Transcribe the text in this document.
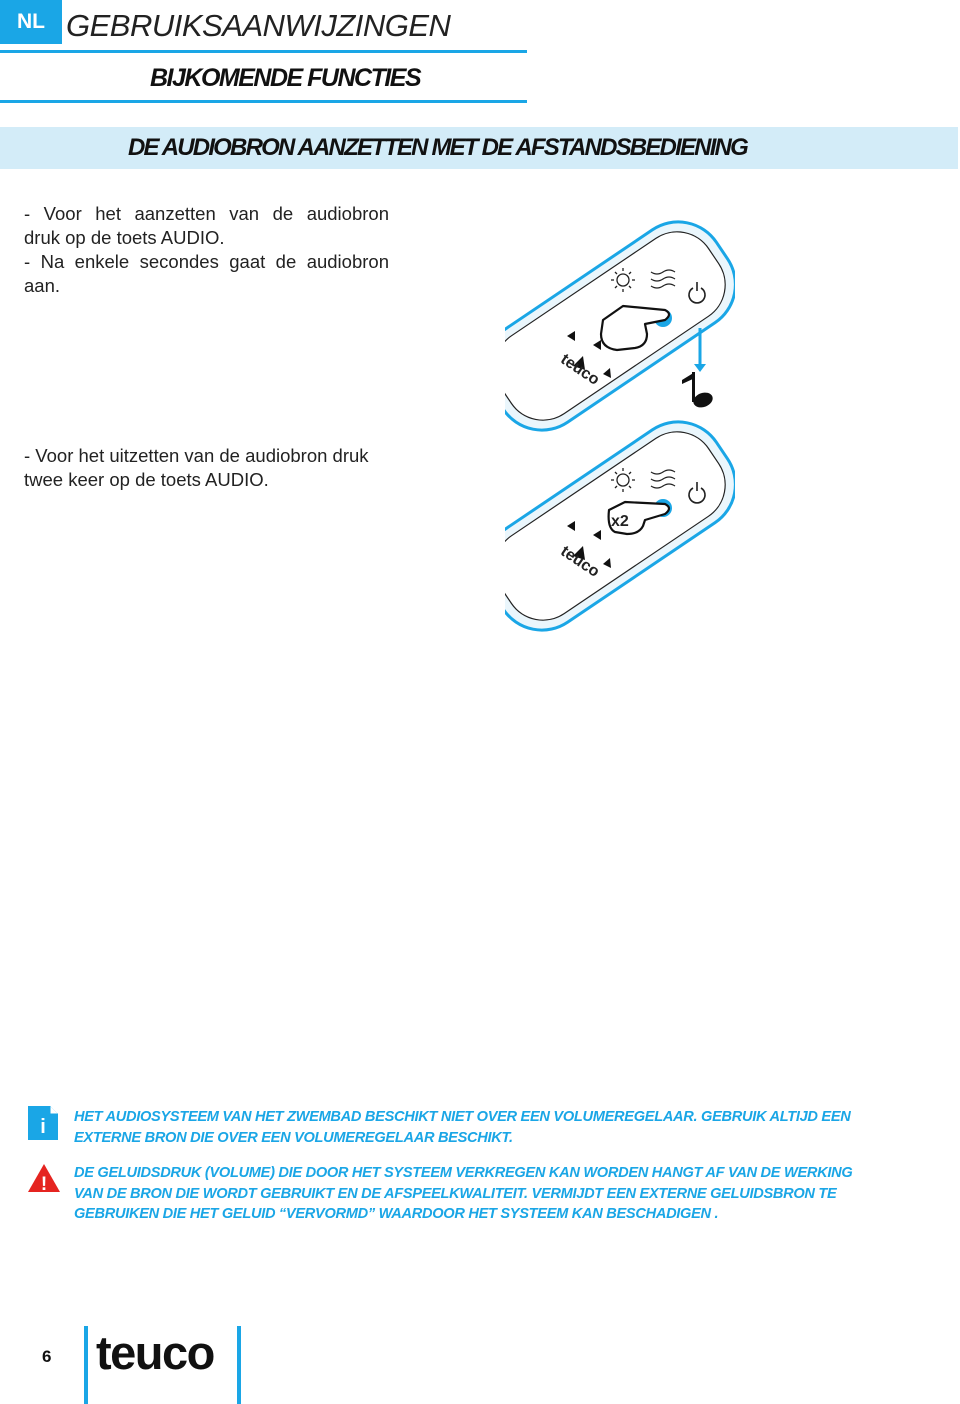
NL GEBRUIKSAANWIJZINGEN
BIJKOMENDE FUNCTIES
DE AUDIOBRON AANZETTEN MET DE AFSTANDSBEDIENING
- Voor het aanzetten van de audiobron
druk op de toets AUDIO.
- Na enkele secondes gaat de audiobron
aan.
- Voor het uitzetten van de audiobron druk
twee keer op de toets AUDIO.
teuco
x2
teuco
i HET AUDIOSYSTEEM VAN HET ZWEMBAD BESCHIKT NIET OVER EEN VOLUMEREGELAAR. GEBRUIK ALTIJD EEN
EXTERNE BRON DIE OVER EEN VOLUMEREGELAAR BESCHIKT.
!
DE GELUIDSDRUK (VOLUME) DIE DOOR HET SYSTEEM VERKREGEN KAN WORDEN HANGT AF VAN DE WERKING
VAN DE BRON DIE WORDT GEBRUIKT EN DE AFSPEELKWALITEIT. VERMIJDT EEN EXTERNE GELUIDSBRON TE
GEBRUIKEN DIE HET GELUID “VERVORMD” WAARDOOR HET SYSTEEM KAN BESCHADIGEN .
6 teuco
